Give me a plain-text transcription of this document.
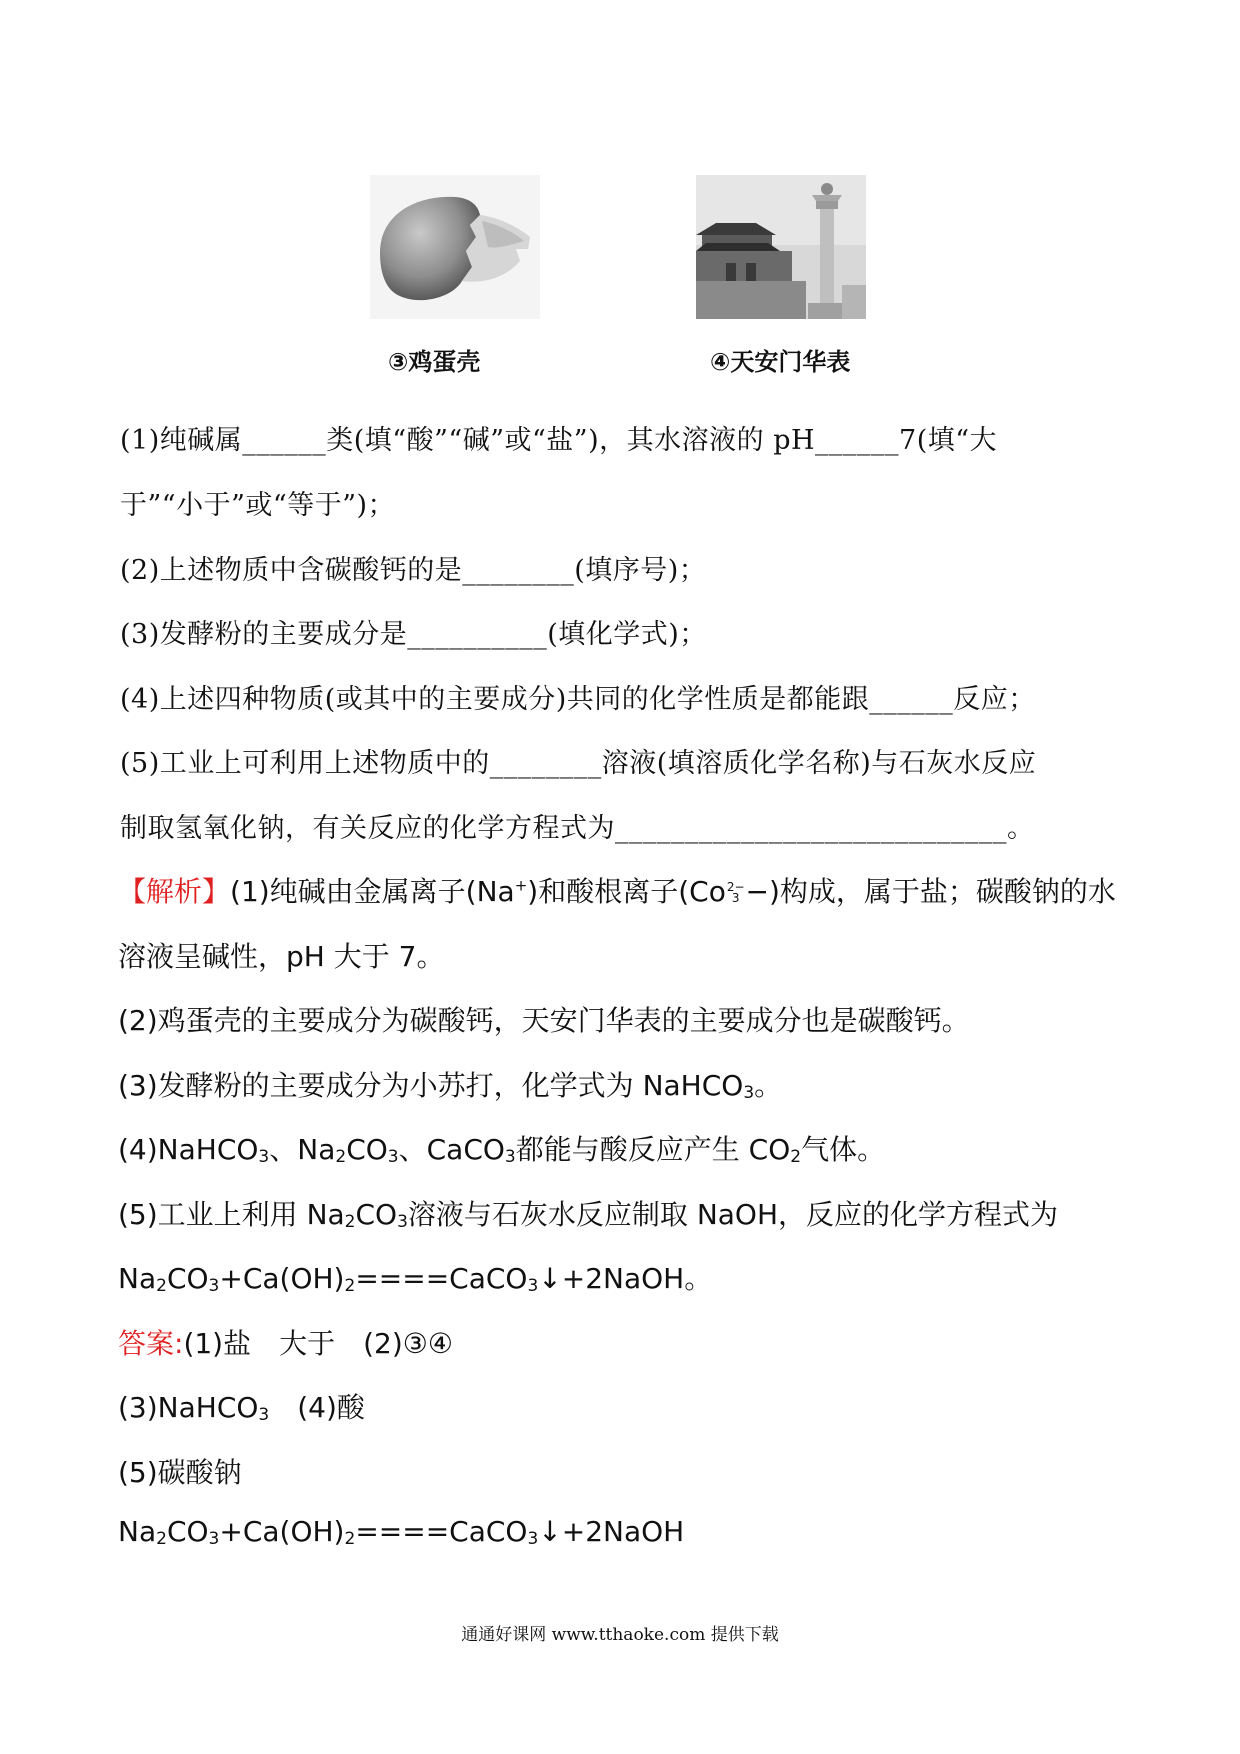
③鸡蛋壳	④天安门华表
(1)纯碱属______类(填“酸”“碱”或“盐”)，其水溶液的 pH______7(填“大
于”“小于”或“等于”)；
(2)上述物质中含碳酸钙的是________(填序号)；
(3)发酵粉的主要成分是__________(填化学式)；
(4)上述四种物质(或其中的主要成分)共同的化学性质是都能跟______反应；
(5)工业上可利用上述物质中的________溶液(填溶质化学名称)与石灰水反应
制取氢氧化钠，有关反应的化学方程式为____________________________。
【解析】(1)纯碱由金属离子(Na+)和酸根离子(Co2−
3 −)构成，属于盐；碳酸钠的水
溶液呈碱性，pH 大于 7。
(2)鸡蛋壳的主要成分为碳酸钙，天安门华表的主要成分也是碳酸钙。
(3)发酵粉的主要成分为小苏打，化学式为 NaHCO$_3$。
(4)NaHCO$_3$、$Na_2CO_3$、CaCO$_3$都能与酸反应产生 $CO_2$气体。
(5)工业上利用 $Na_2CO_3$溶液与石灰水反应制取 NaOH，反应的化学方程式为
$Na_2CO_3+Ca(OH)_2====CaCO_3↓+2NaOH$。
答案:(1)盐　大于　(2)③④
(3)NaHCO$_3$　(4)酸
(5)碳酸钠
$Na_2CO_3+Ca(OH)_2====CaCO_3↓+2NaOH$
通通好课网 www.tthaoke.com 提供下载
